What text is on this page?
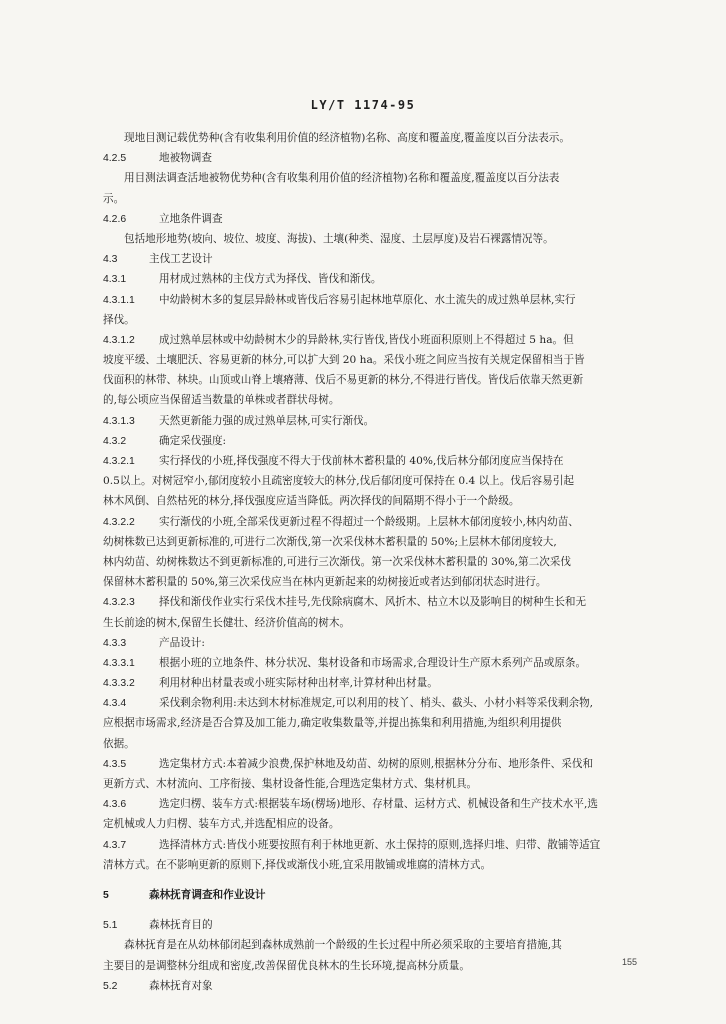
LY/T 1174-95
现地目测记载优势种(含有收集利用价值的经济植物)名称、高度和覆盖度,覆盖度以百分法表示。
4.2.5	地被物调查
用目测法调查活地被物优势种(含有收集利用价值的经济植物)名称和覆盖度,覆盖度以百分法表
示。
4.2.6	立地条件调查
包括地形地势(坡向、坡位、坡度、海拔)、土壤(种类、湿度、土层厚度)及岩石裸露情况等。
4.3	主伐工艺设计
4.3.1	用材成过熟林的主伐方式为择伐、皆伐和渐伐。
4.3.1.1 中幼龄树木多的复层异龄林或皆伐后容易引起林地草原化、水土流失的成过熟单层林,实行
择伐。
4.3.1.2 成过熟单层林或中幼龄树木少的异龄林,实行皆伐,皆伐小班面积原则上不得超过 5 ha。但
坡度平缓、土壤肥沃、容易更新的林分,可以扩大到 20 ha。采伐小班之间应当按有关规定保留相当于皆
伐面积的林带、林块。山顶或山脊上壤瘠薄、伐后不易更新的林分,不得进行皆伐。皆伐后依靠天然更新
的,每公顷应当保留适当数量的单株或者群状母树。
4.3.1.3 天然更新能力强的成过熟单层林,可实行渐伐。
4.3.2	确定采伐强度:
4.3.2.1 实行择伐的小班,择伐强度不得大于伐前林木蓄积量的 40%,伐后林分郁闭度应当保持在
0.5以上。对树冠窄小,郁闭度较小且疏密度较大的林分,伐后郁闭度可保持在 0.4 以上。伐后容易引起
林木风倒、自然枯死的林分,择伐强度应适当降低。两次择伐的间隔期不得小于一个龄级。
4.3.2.2 实行渐伐的小班,全部采伐更新过程不得超过一个龄级期。上层林木郁闭度较小,林内幼苗、
幼树株数已达到更新标准的,可进行二次渐伐,第一次采伐林木蓄积量的 50%;上层林木郁闭度较大,
林内幼苗、幼树株数达不到更新标准的,可进行三次渐伐。第一次采伐林木蓄积量的 30%,第二次采伐
保留林木蓄积量的 50%,第三次采伐应当在林内更新起来的幼树接近或者达到郁闭状态时进行。
4.3.2.3 择伐和渐伐作业实行采伐木挂号,先伐除病腐木、风折木、枯立木以及影响目的树种生长和无
生长前途的树木,保留生长健壮、经济价值高的树木。
4.3.3	产品设计:
4.3.3.1 根据小班的立地条件、林分状况、集材设备和市场需求,合理设计生产原木系列产品或原条。
4.3.3.2 利用材种出材量表或小班实际材种出材率,计算材种出材量。
4.3.4	采伐剩余物利用:未达到木材标准规定,可以利用的枝丫、梢头、截头、小材小料等采伐剩余物,
应根据市场需求,经济是否合算及加工能力,确定收集数量等,并提出拣集和利用措施,为组织利用提供
依据。
4.3.5	选定集材方式:本着减少浪费,保护林地及幼苗、幼树的原则,根据林分分布、地形条件、采伐和
更新方式、木材流向、工序衔接、集材设备性能,合理选定集材方式、集材机具。
4.3.6	选定归楞、装车方式:根据装车场(楞场)地形、存材量、运材方式、机械设备和生产技术水平,选
定机械或人力归楞、装车方式,并选配相应的设备。
4.3.7	选择清林方式:皆伐小班要按照有利于林地更新、水土保持的原则,选择归堆、归带、散铺等适宜
清林方式。在不影响更新的原则下,择伐或渐伐小班,宜采用散铺或堆腐的清林方式。
5	森林抚育调查和作业设计
5.1	森林抚育目的
森林抚育是在从幼林郁闭起到森林成熟前一个龄级的生长过程中所必须采取的主要培育措施,其
主要目的是调整林分组成和密度,改善保留优良林木的生长环境,提高林分质量。
5.2	森林抚育对象
155
